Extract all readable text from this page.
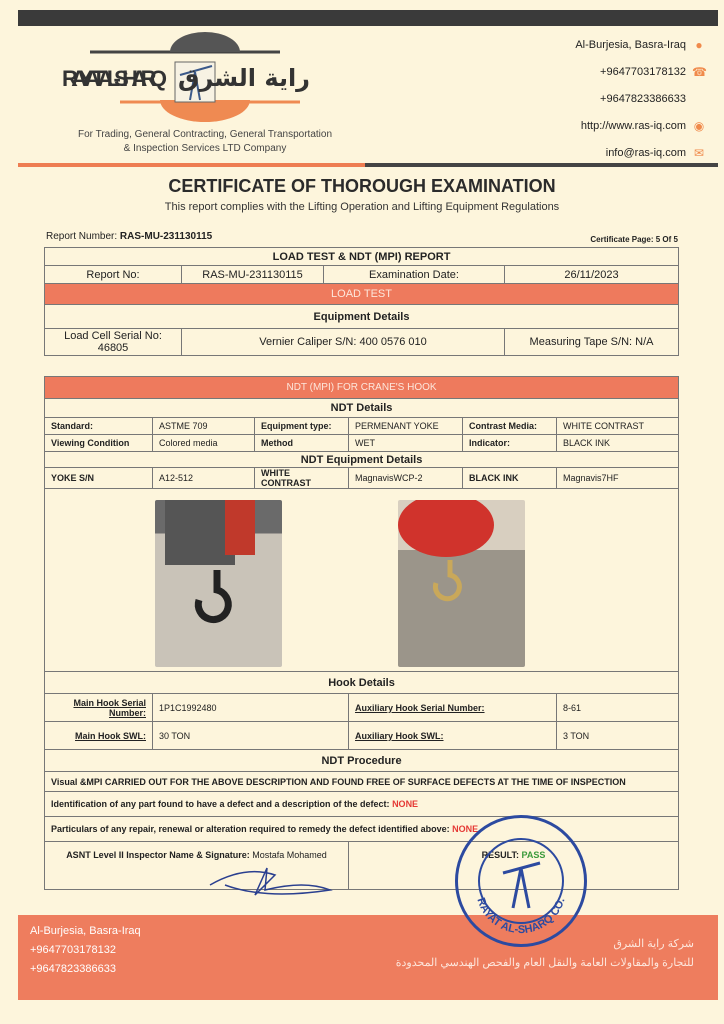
RAYAT AL-SHARQ راية الشرق
For Trading, General Contracting, General Transportation
& Inspection Services LTD Company
Al-Burjesia, Basra-Iraq ●
+9647703178132 ☎
+9647823386633
http://www.ras-iq.com ◉
info@ras-iq.com ✉
CERTIFICATE OF THOROUGH EXAMINATION
This report complies with the Lifting Operation and Lifting Equipment Regulations
Report Number: RAS-MU-231130115	Certificate Page: 5 Of 5
LOAD TEST & NDT (MPI) REPORT			
Report No:	RAS-MU-231130115	Examination Date:	26/11/2023
LOAD TEST			
Equipment Details			
Load Cell Serial No: 46805	Vernier Caliper S/N: 400 0576 010		Measuring Tape S/N: N/A
NDT (MPI) FOR CRANE'S HOOK					
NDT Details					
Standard:	ASTME 709	Equipment type:	PERMENANT YOKE	Contrast Media:	WHITE CONTRAST
Viewing Condition	Colored media	Method	WET	Indicator:	BLACK INK
NDT Equipment Details					
YOKE S/N	A12-512	WHITE CONTRAST	MagnavisWCP-2	BLACK INK	Magnavis7HF

Hook Details					
Main Hook Serial Number:	1P1C1992480		Auxiliary Hook Serial Number:		8-61
Main Hook SWL:	30 TON		Auxiliary Hook SWL:		3 TON
NDT Procedure					
Visual &MPI CARRIED OUT FOR THE ABOVE DESCRIPTION AND FOUND FREE OF SURFACE DEFECTS AT THE TIME OF INSPECTION					
Identification of any part found to have a defect and a description of the defect: NONE					
Particulars of any repair, renewal or alteration required to remedy the defect identified above: NONE					
ASNT Level II Inspector Name & Signature: Mostafa Mohamed			RESULT: PASS		
Al-Burjesia, Basra-Iraq
+9647703178132
+9647823386633
شركة راية الشرق
للتجارة والمقاولات العامة والنقل العام والفحص الهندسي المحدودة
RAYAT AL-SHARQ CO.
